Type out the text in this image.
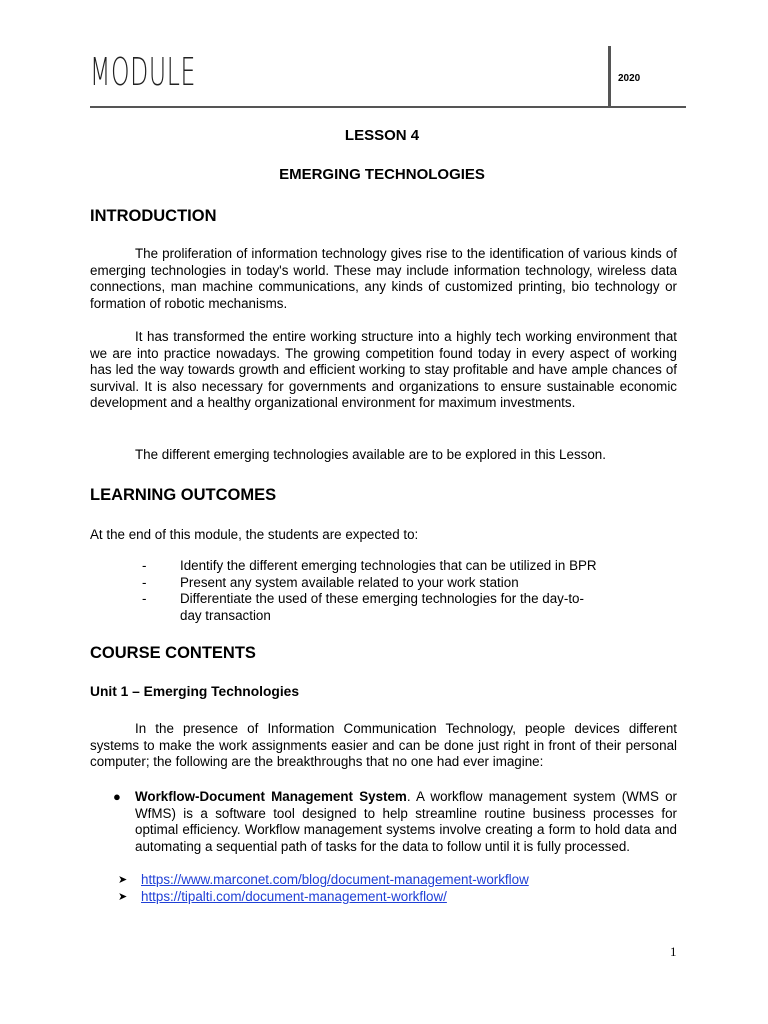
MODULE	2020
LESSON 4
EMERGING TECHNOLOGIES
INTRODUCTION

The proliferation of information technology gives rise to the identification of various kinds of emerging technologies in today's world. These may include information technology, wireless data connections, man machine communications, any kinds of customized printing, bio technology or formation of robotic mechanisms.

It has transformed the entire working structure into a highly tech working environment that we are into practice nowadays. The growing competition found today in every aspect of working has led the way towards growth and efficient working to stay profitable and have ample chances of survival. It is also necessary for governments and organizations to ensure sustainable economic development and a healthy organizational environment for maximum investments.

The different emerging technologies available are to be explored in this Lesson.

LEARNING OUTCOMES
At the end of this module, the students are expected to:
-	Identify the different emerging technologies that can be utilized in BPR
-	Present any system available related to your work station
-	Differentiate the used of these emerging technologies for the day-to-day transaction
COURSE CONTENTS
Unit 1 – Emerging Technologies

In the presence of Information Communication Technology, people devices different systems to make the work assignments easier and can be done just right in front of their personal computer; the following are the breakthroughs that no one had ever imagine:

● Workflow-Document Management System. A workflow management system (WMS or WfMS) is a software tool designed to help streamline routine business processes for optimal efficiency. Workflow management systems involve creating a form to hold data and automating a sequential path of tasks for the data to follow until it is fully processed.
➤ https://www.marconet.com/blog/document-management-workflow
➤ https://tipalti.com/document-management-workflow/
1
